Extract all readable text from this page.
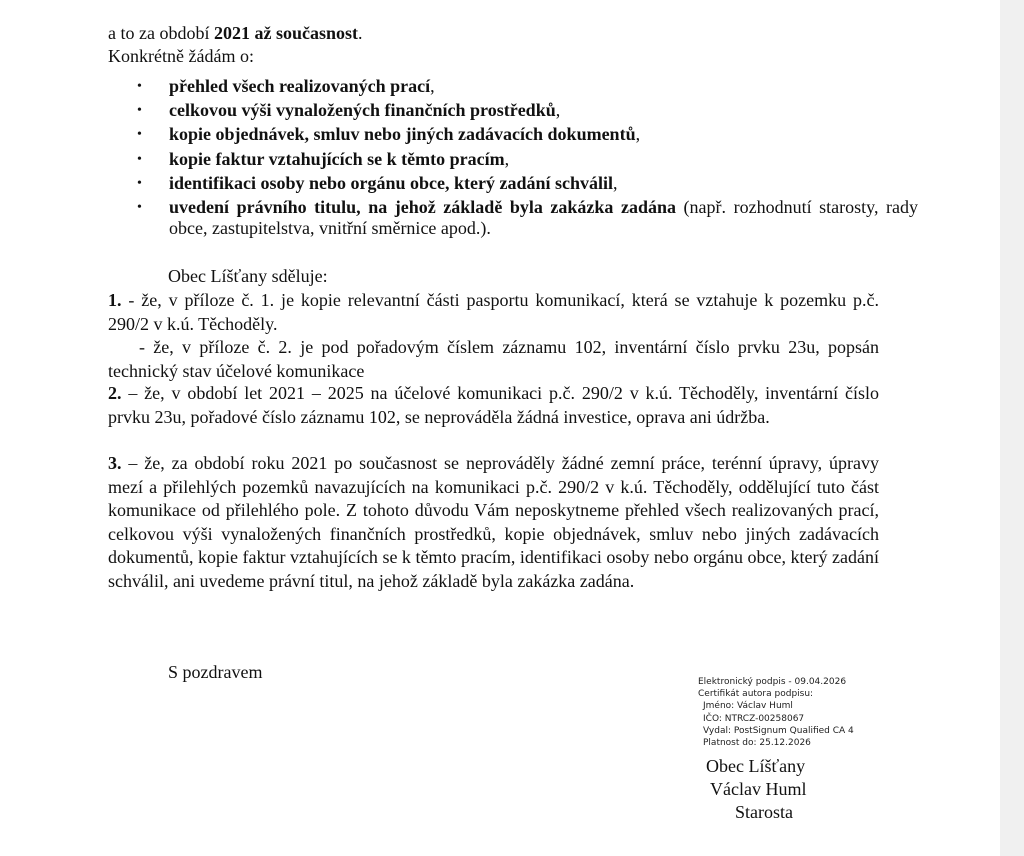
a to za období 2021 až současnost.
Konkrétně žádám o:
• přehled všech realizovaných prací,
• celkovou výši vynaložených finančních prostředků,
• kopie objednávek, smluv nebo jiných zadávacích dokumentů,
• kopie faktur vztahujících se k těmto pracím,
• identifikaci osoby nebo orgánu obce, který zadání schválil,
• uvedení právního titulu, na jehož základě byla zakázka zadána (např. rozhodnutí starosty, rady obce, zastupitelstva, vnitřní směrnice apod.).
Obec Líšťany sděluje:
1. - že, v příloze č. 1. je kopie relevantní části pasportu komunikací, která se vztahuje k pozemku p.č. 290/2 v k.ú. Těchoděly.
- že, v příloze č. 2. je pod pořadovým číslem záznamu 102, inventární číslo prvku 23u, popsán technický stav účelové komunikace
2. – že, v období let 2021 – 2025 na účelové komunikaci p.č. 290/2 v k.ú. Těchoděly, inventární číslo prvku 23u, pořadové číslo záznamu 102, se neprováděla žádná investice, oprava ani údržba.
3. – že, za období roku 2021 po současnost se neprováděly žádné zemní práce, terénní úpravy, úpravy mezí a přilehlých pozemků navazujících na komunikaci p.č. 290/2 v k.ú. Těchoděly, oddělující tuto část komunikace od přilehlého pole. Z tohoto důvodu Vám neposkytneme přehled všech realizovaných prací, celkovou výši vynaložených finančních prostředků, kopie objednávek, smluv nebo jiných zadávacích dokumentů, kopie faktur vztahujících se k těmto pracím, identifikaci osoby nebo orgánu obce, který zadání schválil, ani uvedeme právní titul, na jehož základě byla zakázka zadána.
S pozdravem	Elektronický podpis - 09.04.2026
Certifikát autora podpisu:
Jméno: Václav Huml
IČO: NTRCZ-00258067
Vydal: PostSignum Qualified CA 4
Platnost do: 25.12.2026
Obec Líšťany
Václav Huml
Starosta
